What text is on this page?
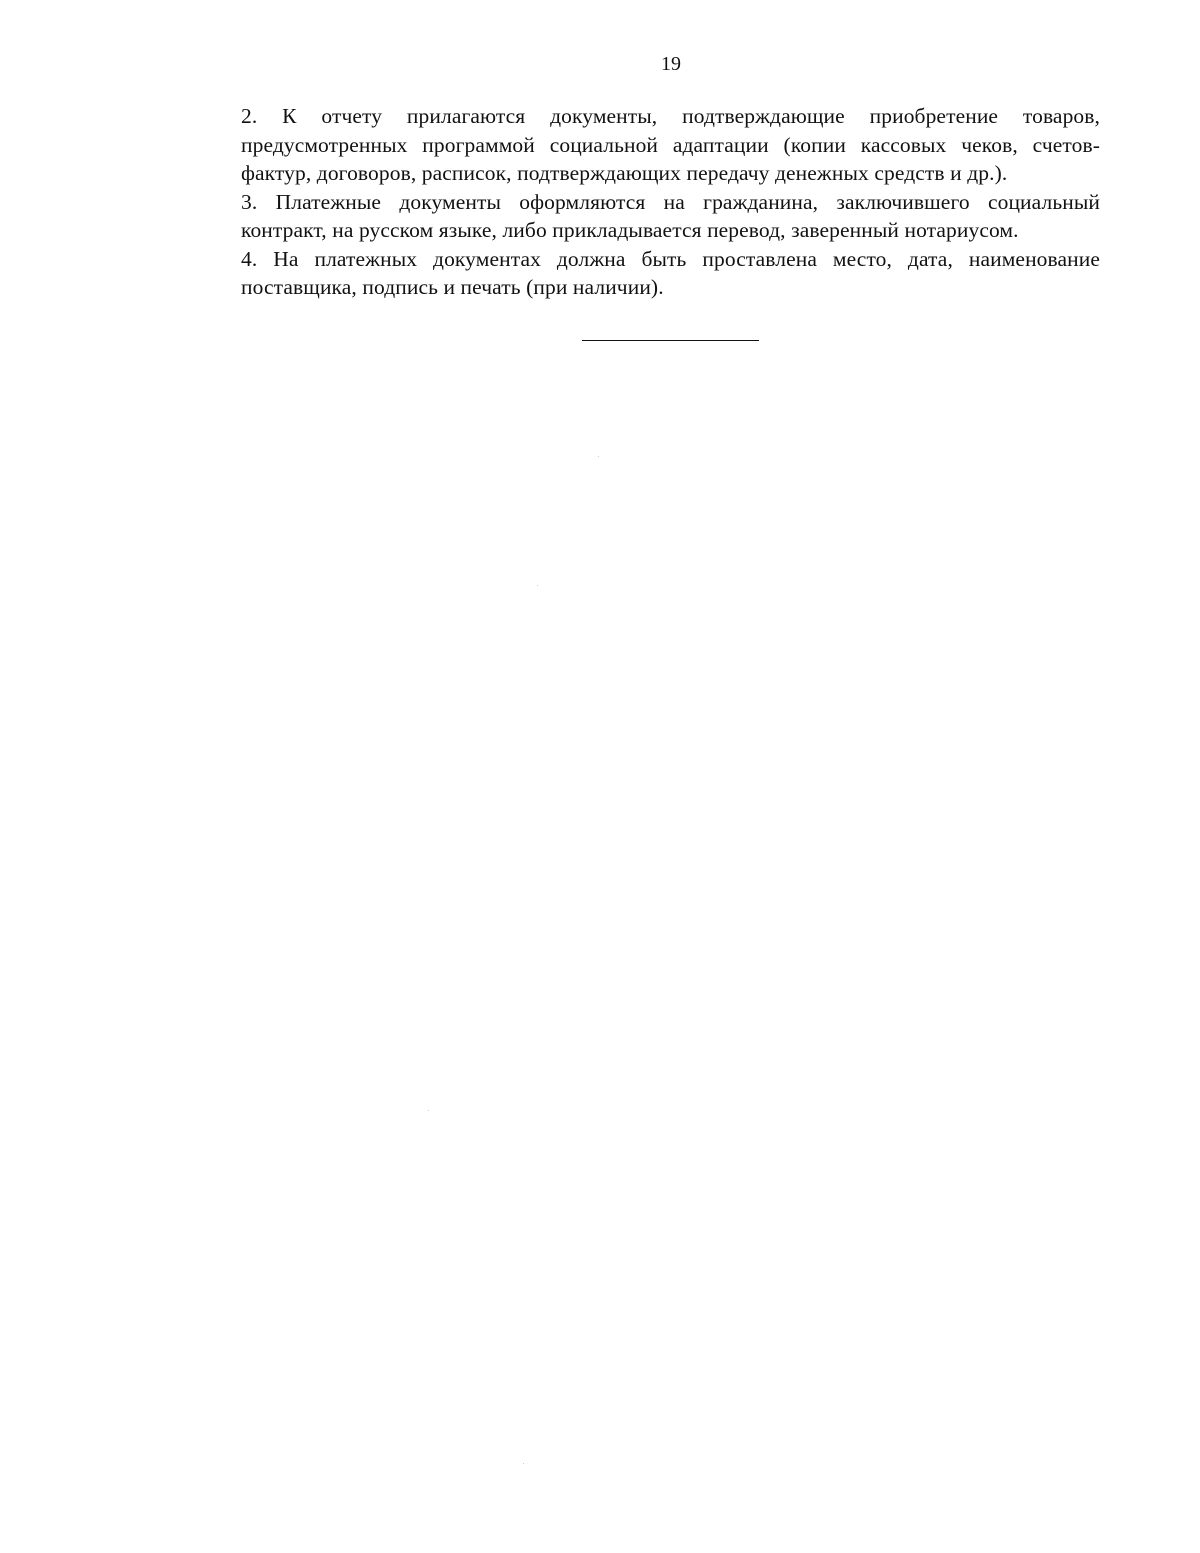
19

2. К отчету прилагаются документы, подтверждающие приобретение товаров, предусмотренных программой социальной адаптации (копии кассовых чеков, счетов-фактур, договоров, расписок, подтверждающих передачу денежных средств и др.).

3. Платежные документы оформляются на гражданина, заключившего социальный контракт, на русском языке, либо прикладывается перевод, заверенный нотариусом.

4. На платежных документах должна быть проставлена место, дата, наименование поставщика, подпись и печать (при наличии).
